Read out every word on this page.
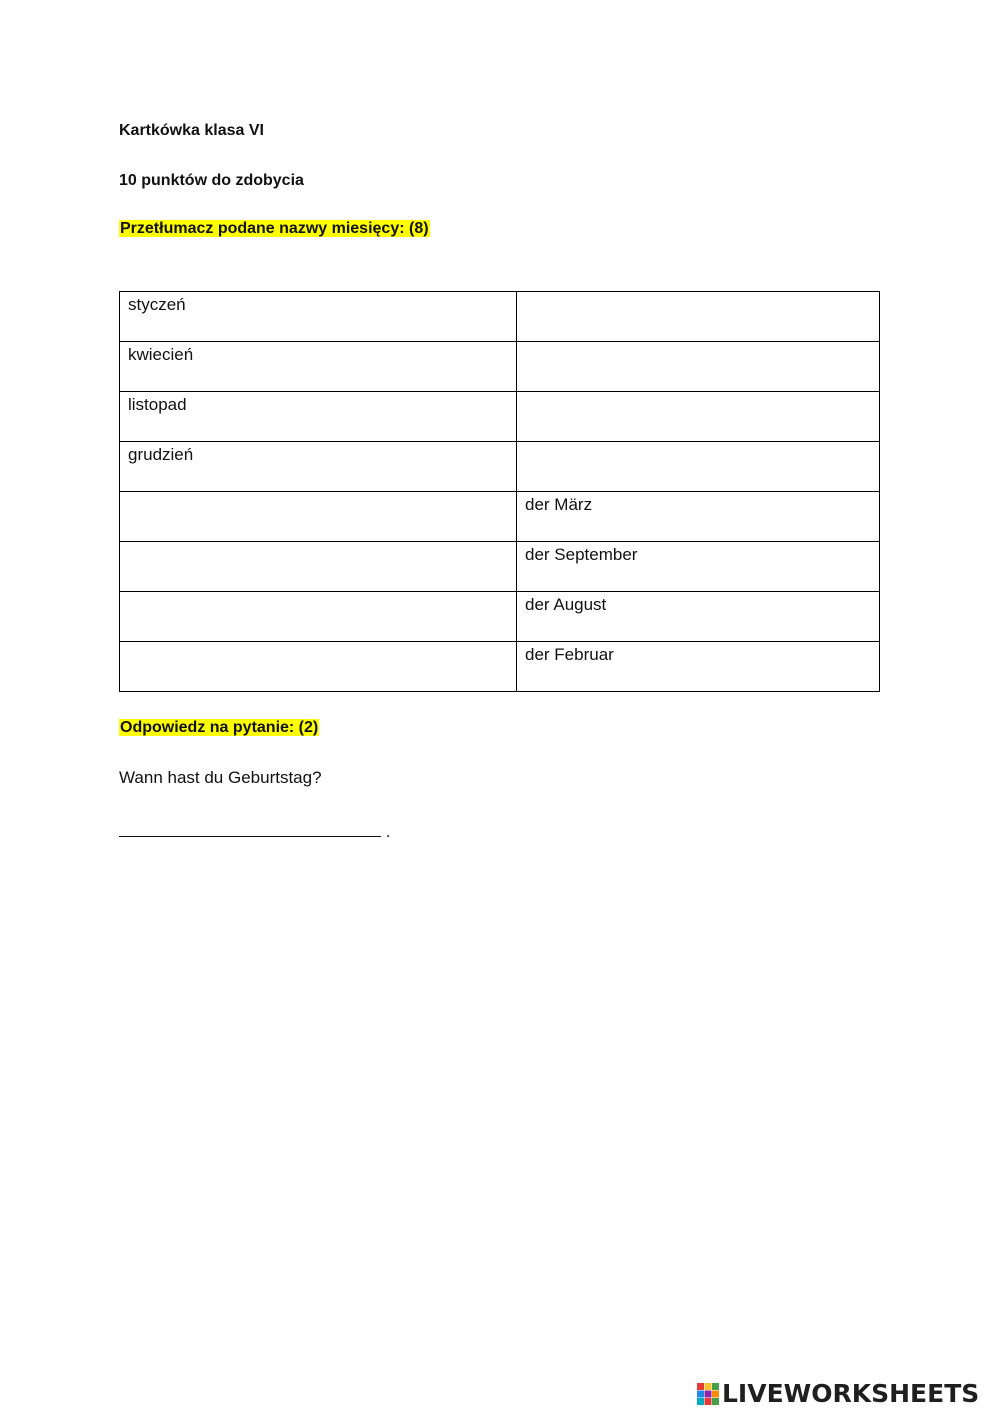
Kartkówka klasa VI

10 punktów do zdobycia

Przetłumacz podane nazwy miesięcy: (8)

styczeń	
kwiecień	
listopad	
grudzień	
	der März
	der September
	der August
	der Februar

Odpowiedz na pytanie: (2)

Wann hast du Geburtstag?

.
LIVEWORKSHEETS
